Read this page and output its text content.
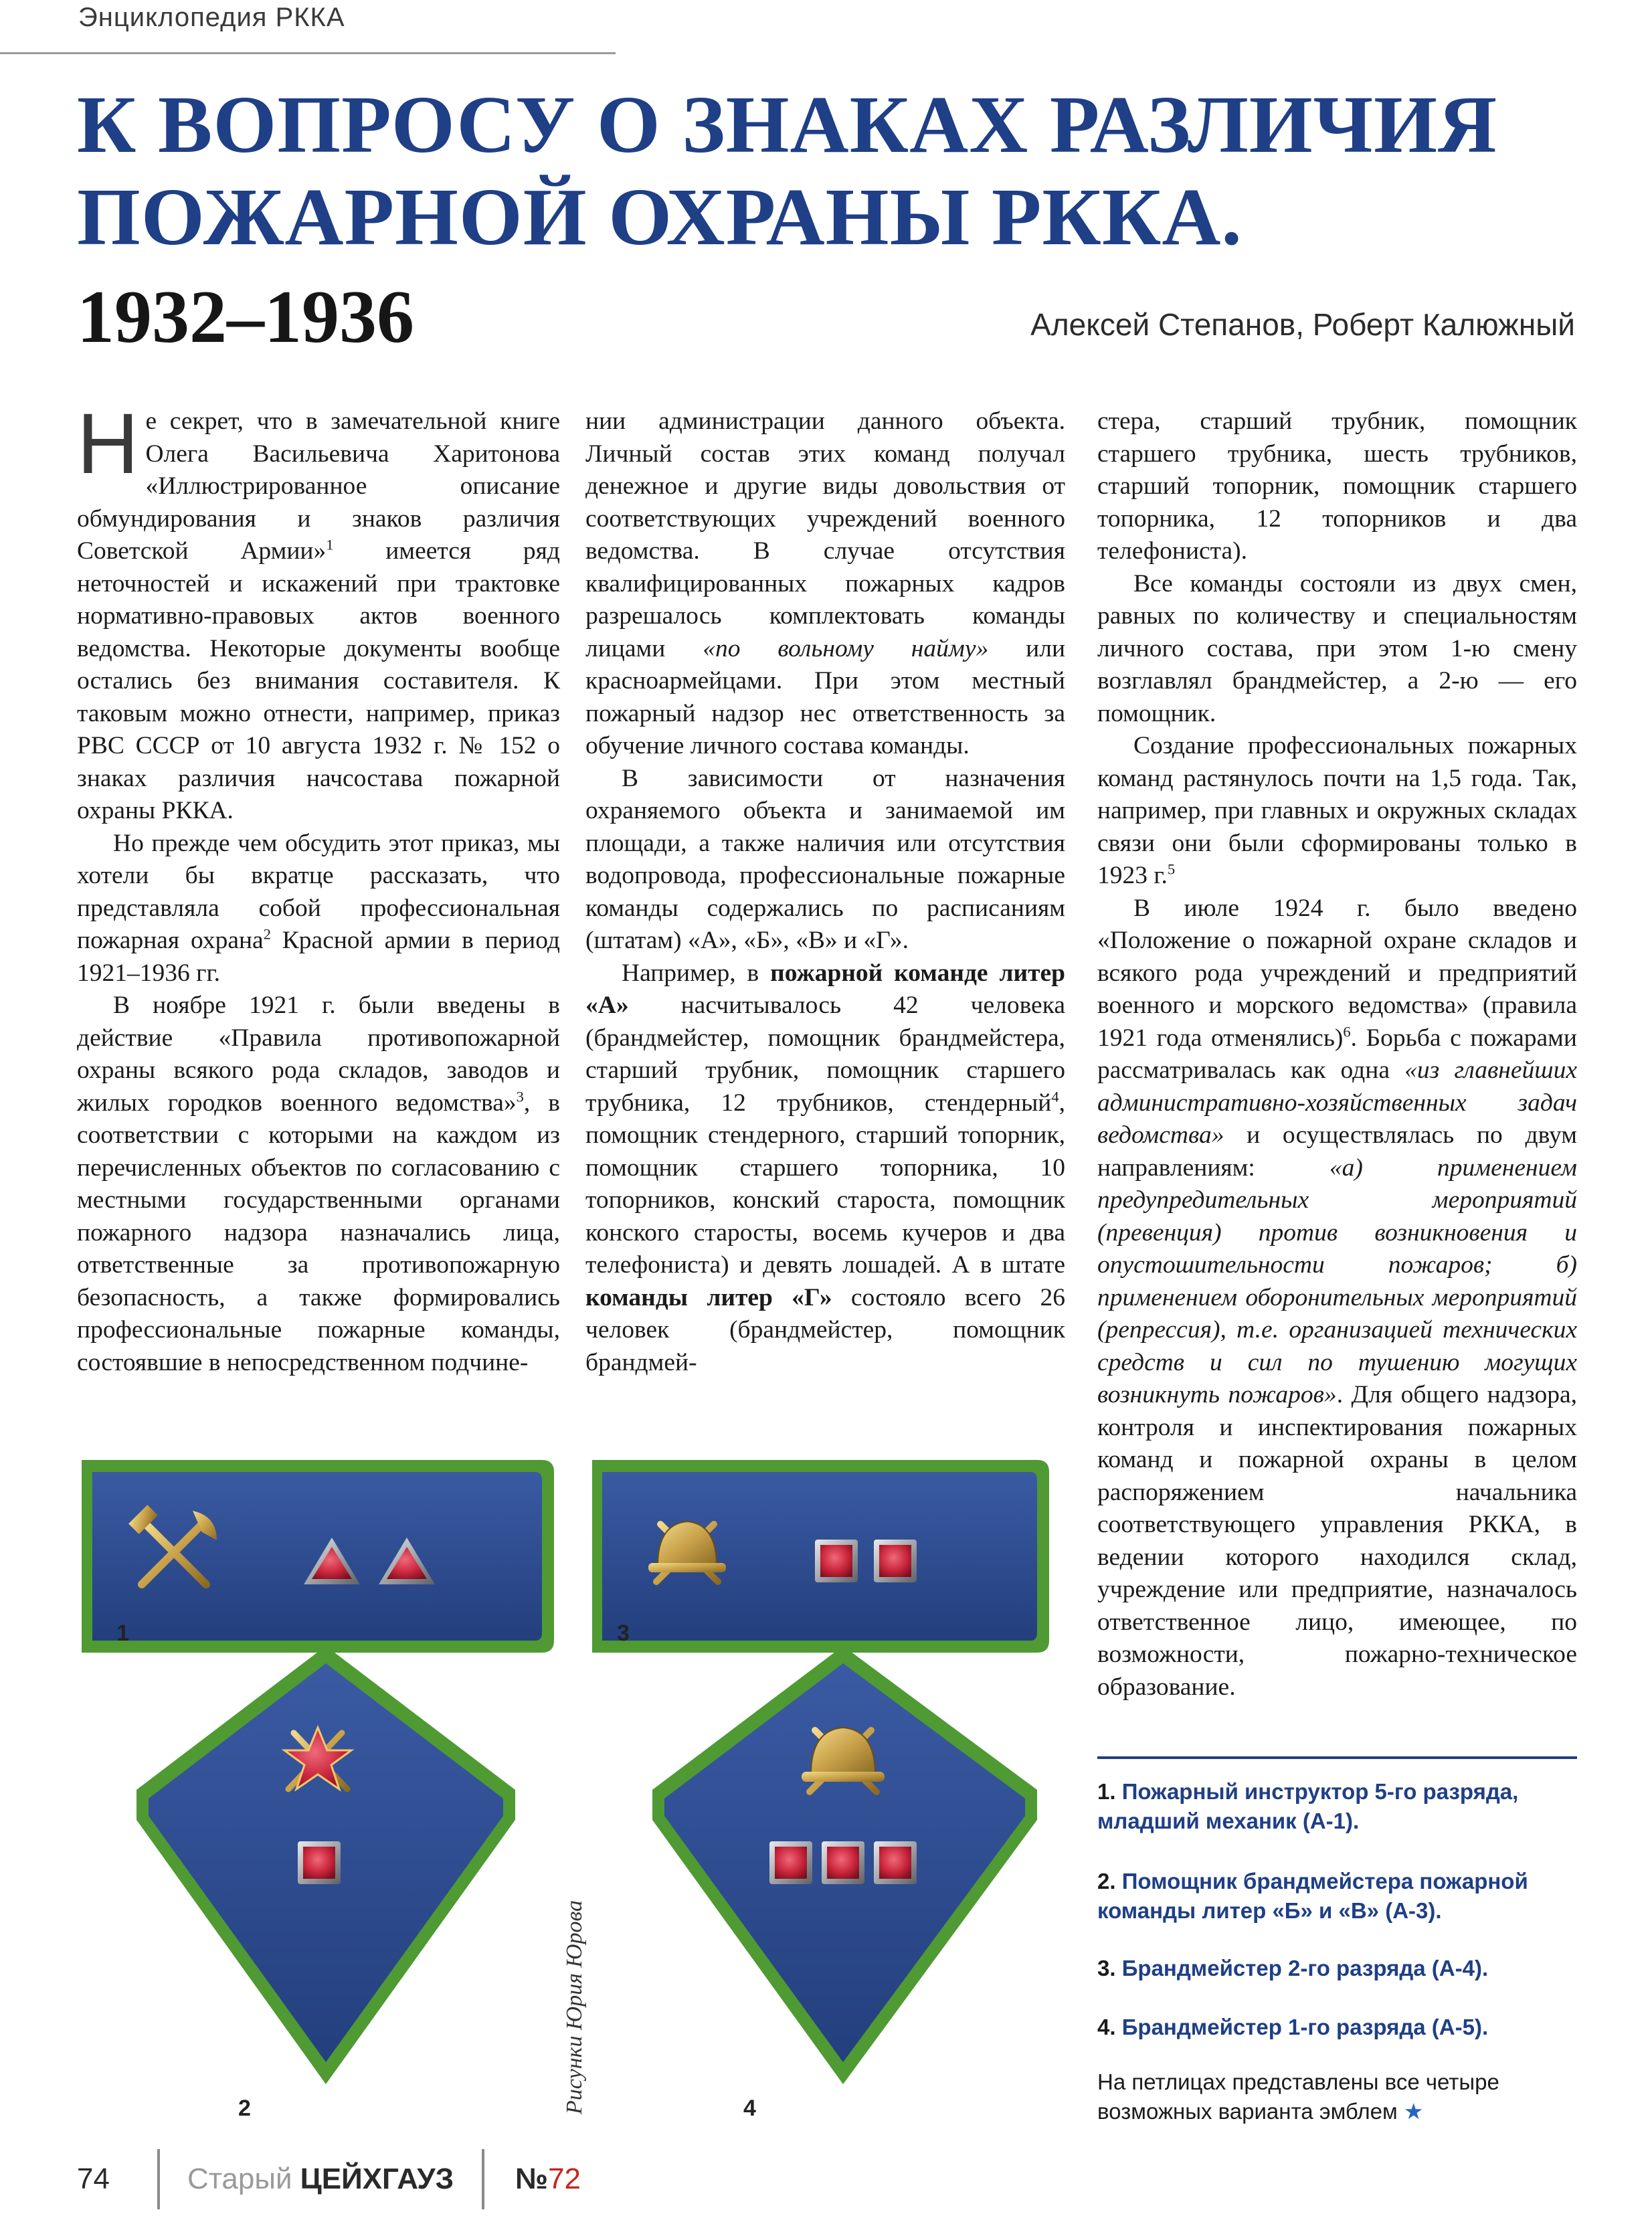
Энциклопедия РККА
К ВОПРОСУ О ЗНАКАХ РАЗЛИЧИЯ
ПОЖАРНОЙ ОХРАНЫ РККА.
1932–1936	Алексей Степанов, Роберт Калюжный

Не секрет, что в замечательной книге Олега Васильевича Харитонова «Иллюстрированное описание обмундирования и знаков различия Советской Армии»$^1$ имеется ряд неточностей и искажений при трактовке нормативно-правовых актов военного ведомства. Некоторые документы вообще остались без внимания составителя. К таковым можно отнести, например, приказ РВС СССР от 10 августа 1932 г. № 152 о знаках различия начсостава пожарной охраны РККА.

Но прежде чем обсудить этот приказ, мы хотели бы вкратце рассказать, что представляла собой профессиональная пожарная охрана$^2$ Красной армии в период 1921–1936 гг.

В ноябре 1921 г. были введены в действие «Правила противопожарной охраны всякого рода складов, заводов и жилых городков военного ведомства»$^3$, в соответствии с которыми на каждом из перечисленных объектов по согласованию с местными государственными органами пожарного надзора назначались лица, ответственные за противопожарную безопасность, а также формировались профессиональные пожарные команды, состоявшие в непосредственном подчине-

нии администрации данного объекта. Личный состав этих команд получал денежное и другие виды довольствия от соответствующих учреждений военного ведомства. В случае отсутствия квалифицированных пожарных кадров разрешалось комплектовать команды лицами «по вольному найму» или красноармейцами. При этом местный пожарный надзор нес ответственность за обучение личного состава команды.

В зависимости от назначения охраняемого объекта и занимаемой им площади, а также наличия или отсутствия водопровода, профессиональные пожарные команды содержались по расписаниям (штатам) «А», «Б», «В» и «Г».

Например, в пожарной команде литер «А» насчитывалось 42 человека (брандмейстер, помощник брандмейстера, старший трубник, помощник старшего трубника, 12 трубников, стендерный$^4$, помощник стендерного, старший топорник, помощник старшего топорника, 10 топорников, конский староста, помощник конского старосты, восемь кучеров и два телефониста) и девять лошадей. А в штате команды литер «Г» состояло всего 26 человек (брандмейстер, помощник брандмей-

стера, старший трубник, помощник старшего трубника, шесть трубников, старший топорник, помощник старшего топорника, 12 топорников и два телефониста).

Все команды состояли из двух смен, равных по количеству и специальностям личного состава, при этом 1-ю смену возглавлял брандмейстер, а 2-ю — его помощник.

Создание профессиональных пожарных команд растянулось почти на 1,5 года. Так, например, при главных и окружных складах связи они были сформированы только в 1923 г.$^5$

В июле 1924 г. было введено «Положение о пожарной охране складов и всякого рода учреждений и предприятий военного и морского ведомства» (правила 1921 года отменялись)$^6$. Борьба с пожарами рассматривалась как одна «из главнейших административно-хозяйственных задач ведомства» и осуществлялась по двум направлениям: «а) применением предупредительных мероприятий (превенция) против возникновения и опустошительности пожаров; б) применением оборонительных мероприятий (репрессия), т.е. организацией технических средств и сил по тушению могущих возникнуть пожаров». Для общего надзора, контроля и инспектирования пожарных команд и пожарной охраны в целом распоряжением начальника соответствующего управления РККА, в ведении которого находился склад, учреждение или предприятие, назначалось ответственное лицо, имеющее, по возможности, пожарно-техническое образование.

1
2
3
4
Рисунки Юрия Юрова
1. Пожарный инструктор 5-го разряда, младший механик (А-1).
2. Помощник брандмейстера пожарной команды литер «Б» и «В» (А-3).
3. Брандмейстер 2-го разряда (А-4).
4. Брандмейстер 1-го разряда (А-5).
На петлицах представлены все четыре возможных варианта эмблем ★
74	Старый ЦЕЙХГАУЗ №72
